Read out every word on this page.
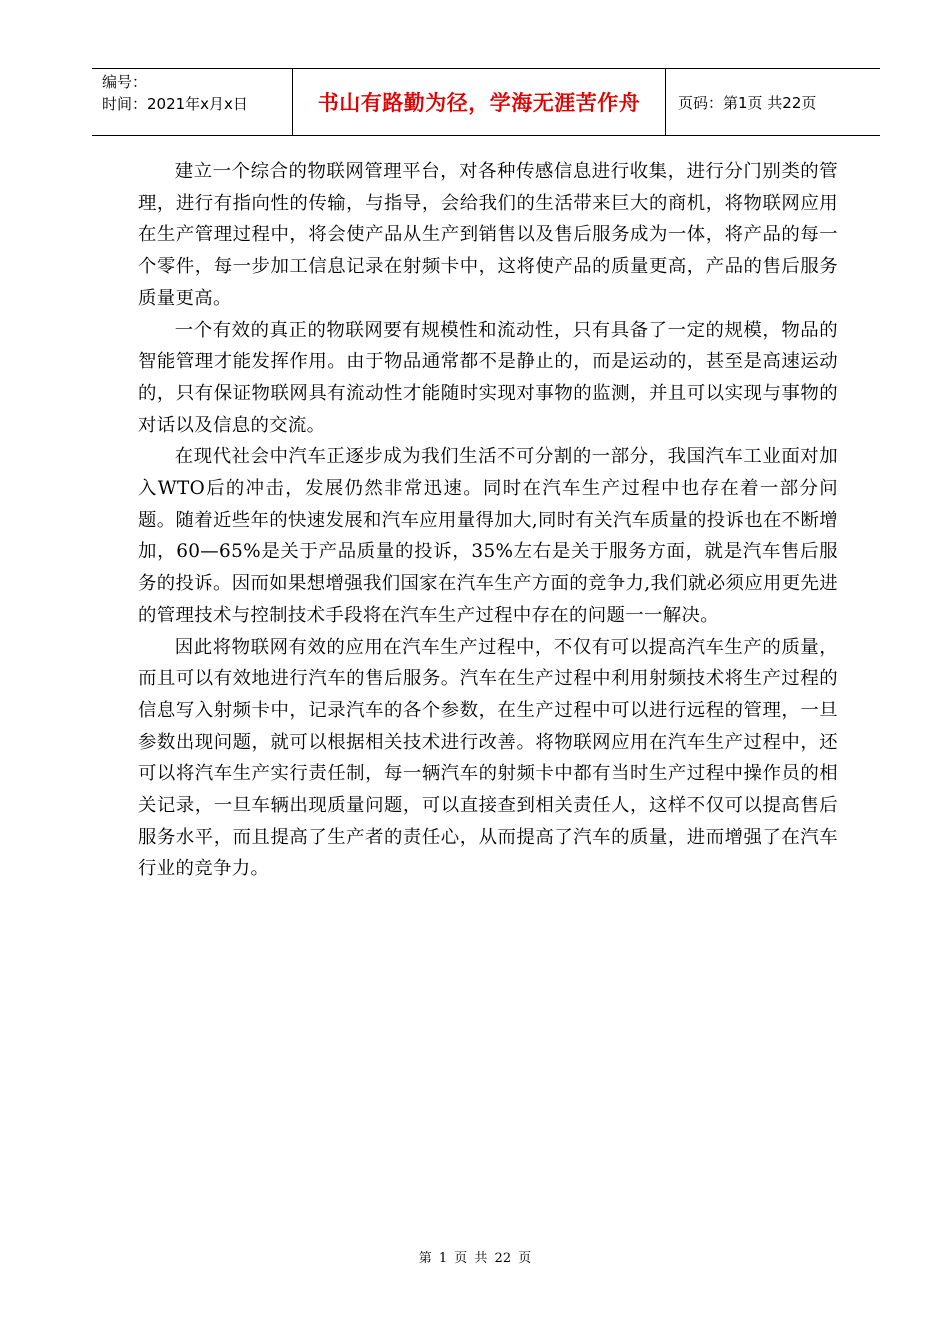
编号：
时间：2021年x月x日	书山有路勤为径，学海无涯苦作舟	页码：第1页 共22页

建立一个综合的物联网管理平台，对各种传感信息进行收集，进行分门别类的管理，进行有指向性的传输，与指导，会给我们的生活带来巨大的商机，将物联网应用在生产管理过程中，将会使产品从生产到销售以及售后服务成为一体，将产品的每一个零件，每一步加工信息记录在射频卡中，这将使产品的质量更高，产品的售后服务质量更高。

一个有效的真正的物联网要有规模性和流动性，只有具备了一定的规模，物品的智能管理才能发挥作用。由于物品通常都不是静止的，而是运动的，甚至是高速运动的，只有保证物联网具有流动性才能随时实现对事物的监测，并且可以实现与事物的对话以及信息的交流。

在现代社会中汽车正逐步成为我们生活不可分割的一部分，我国汽车工业面对加入WTO后的冲击，发展仍然非常迅速。同时在汽车生产过程中也存在着一部分问题。随着近些年的快速发展和汽车应用量得加大,同时有关汽车质量的投诉也在不断增加，60—65%是关于产品质量的投诉，35%左右是关于服务方面，就是汽车售后服务的投诉。因而如果想增强我们国家在汽车生产方面的竞争力,我们就必须应用更先进的管理技术与控制技术手段将在汽车生产过程中存在的问题一一解决。

因此将物联网有效的应用在汽车生产过程中，不仅有可以提高汽车生产的质量，而且可以有效地进行汽车的售后服务。汽车在生产过程中利用射频技术将生产过程的信息写入射频卡中，记录汽车的各个参数，在生产过程中可以进行远程的管理，一旦参数出现问题，就可以根据相关技术进行改善。将物联网应用在汽车生产过程中，还可以将汽车生产实行责任制，每一辆汽车的射频卡中都有当时生产过程中操作员的相关记录，一旦车辆出现质量问题，可以直接查到相关责任人，这样不仅可以提高售后服务水平，而且提高了生产者的责任心，从而提高了汽车的质量，进而增强了在汽车行业的竞争力。

第 1 页 共 22 页
